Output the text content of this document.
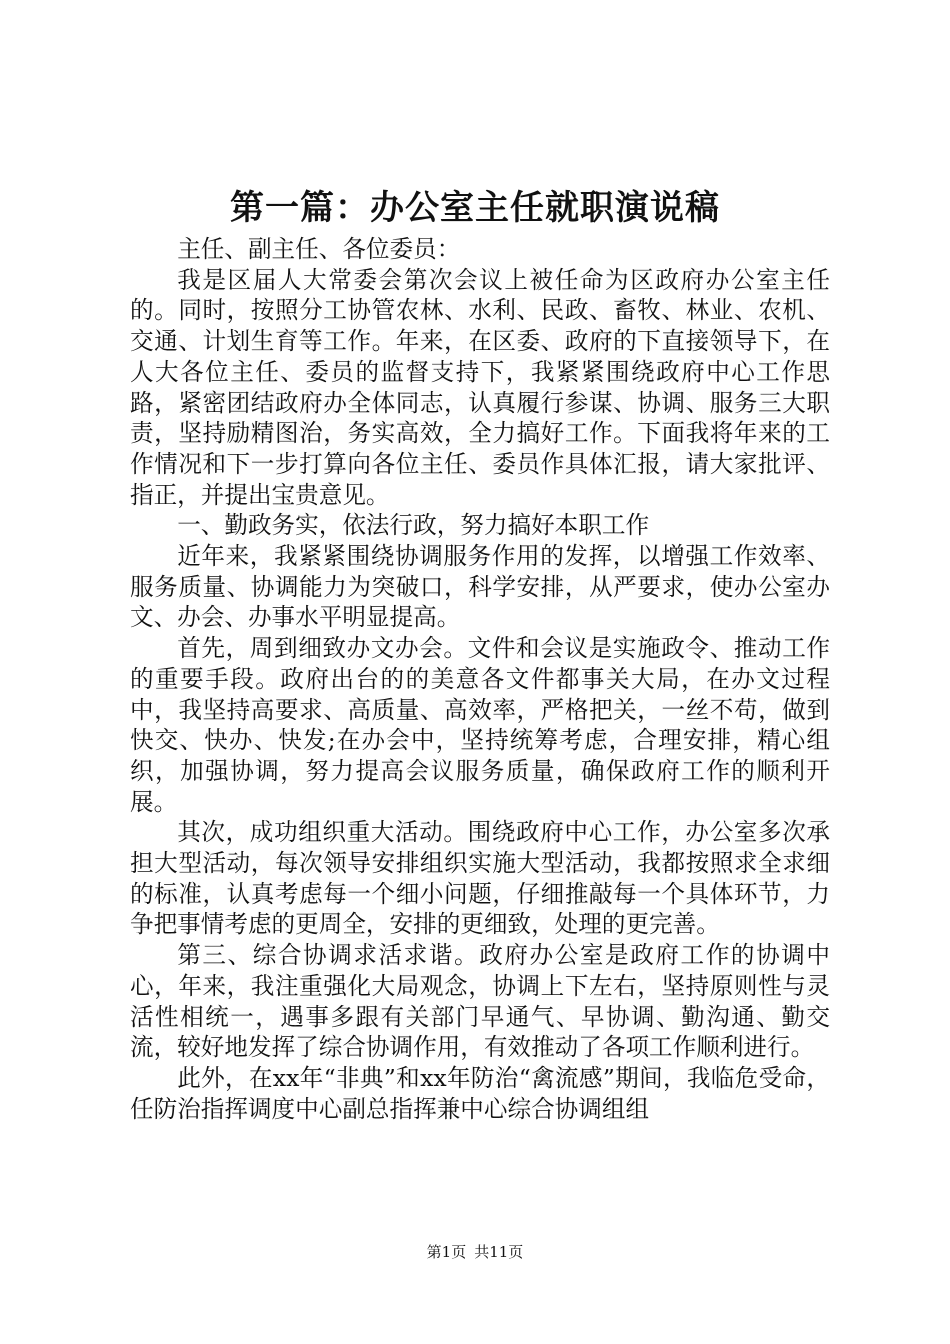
第一篇：办公室主任就职演说稿

主任、副主任、各位委员：

我是区届人大常委会第次会议上被任命为区政府办公室主任的。同时，按照分工协管农林、水利、民政、畜牧、林业、农机、交通、计划生育等工作。年来，在区委、政府的下直接领导下，在人大各位主任、委员的监督支持下，我紧紧围绕政府中心工作思路，紧密团结政府办全体同志，认真履行参谋、协调、服务三大职责，坚持励精图治，务实高效，全力搞好工作。下面我将年来的工作情况和下一步打算向各位主任、委员作具体汇报，请大家批评、指正，并提出宝贵意见。

一、勤政务实，依法行政，努力搞好本职工作

近年来，我紧紧围绕协调服务作用的发挥，以增强工作效率、服务质量、协调能力为突破口，科学安排，从严要求，使办公室办文、办会、办事水平明显提高。

首先，周到细致办文办会。文件和会议是实施政令、推动工作的重要手段。政府出台的的美意各文件都事关大局，在办文过程中，我坚持高要求、高质量、高效率，严格把关，一丝不苟，做到快交、快办、快发;在办会中，坚持统筹考虑，合理安排，精心组织，加强协调，努力提高会议服务质量，确保政府工作的顺利开展。

其次，成功组织重大活动。围绕政府中心工作，办公室多次承担大型活动，每次领导安排组织实施大型活动，我都按照求全求细的标准，认真考虑每一个细小问题，仔细推敲每一个具体环节，力争把事情考虑的更周全，安排的更细致，处理的更完善。

第三、综合协调求活求谐。政府办公室是政府工作的协调中心，年来，我注重强化大局观念，协调上下左右，坚持原则性与灵活性相统一，遇事多跟有关部门早通气、早协调、勤沟通、勤交流，较好地发挥了综合协调作用，有效推动了各项工作顺利进行。

此外，在xx年“非典”和xx年防治“禽流感”期间，我临危受命，任防治指挥调度中心副总指挥兼中心综合协调组组

第1页 共11页
